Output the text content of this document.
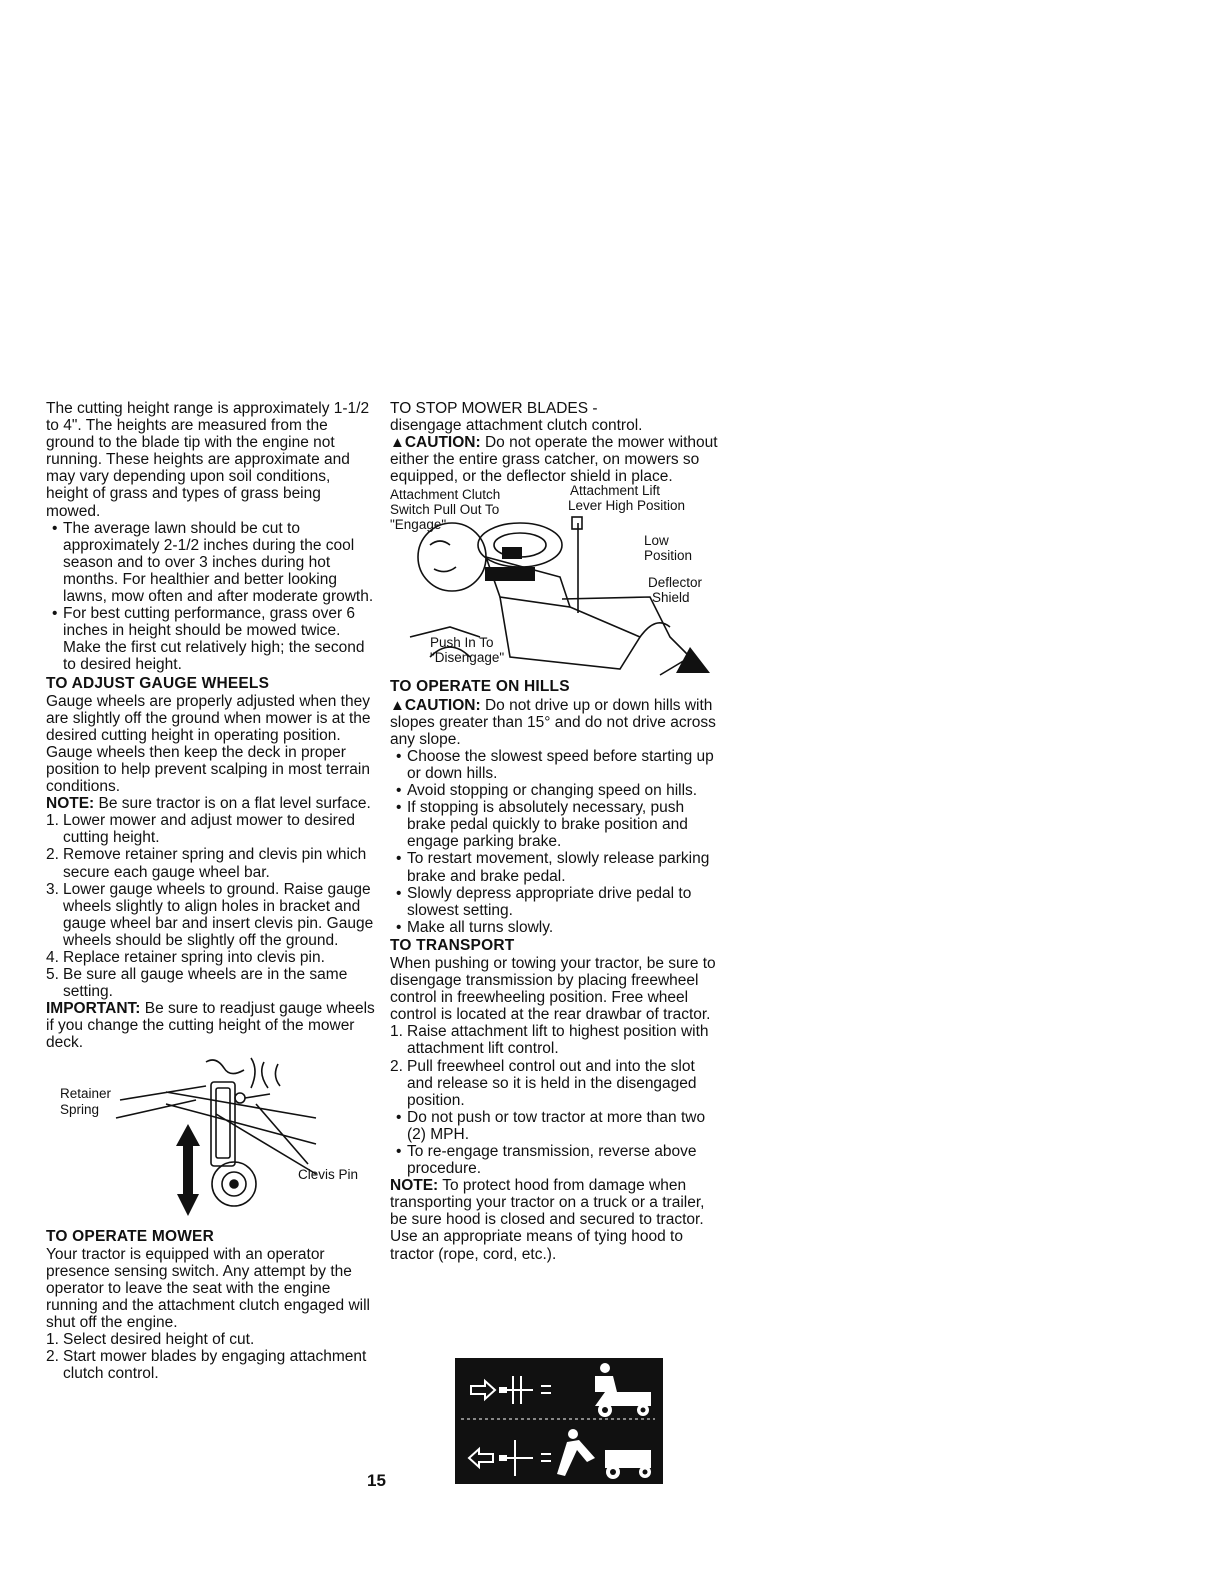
The cutting height range is approximately 1-1/2 to 4". The heights are measured from the ground to the blade tip with the engine not running. These heights are approximate and may vary depending upon soil conditions, height of grass and types of grass being mowed.

• The average lawn should be cut to approximately 2-1/2 inches during the cool season and to over 3 inches during hot months. For healthier and better looking lawns, mow often and after moderate growth.
• For best cutting performance, grass over 6 inches in height should be mowed twice. Make the first cut relatively high; the second to desired height.
TO ADJUST GAUGE WHEELS

Gauge wheels are properly adjusted when they are slightly off the ground when mower is at the desired cutting height in operating position. Gauge wheels then keep the deck in proper position to help prevent scalping in most terrain conditions.

NOTE: Be sure tractor is on a flat level surface.

1. Lower mower and adjust mower to desired cutting height.
2. Remove retainer spring and clevis pin which secure each gauge wheel bar.
3. Lower gauge wheels to ground. Raise gauge wheels slightly to align holes in bracket and gauge wheel bar and insert clevis pin. Gauge wheels should be slightly off the ground.
4. Replace retainer spring into clevis pin.
5. Be sure all gauge wheels are in the same setting.

IMPORTANT: Be sure to readjust gauge wheels if you change the cutting height of the mower deck.

Retainer
Spring
Clevis Pin
TO OPERATE MOWER

Your tractor is equipped with an operator presence sensing switch. Any attempt by the operator to leave the seat with the engine running and the attachment clutch engaged will shut off the engine.

1. Select desired height of cut.
2. Start mower blades by engaging attachment clutch control.

TO STOP MOWER BLADES -

disengage attachment clutch control.

▲CAUTION: Do not operate the mower without either the entire grass catcher, on mowers so equipped, or the deflector shield in place.

Attachment Clutch
Switch Pull Out To
"Engage"
Attachment Lift
Lever High Position
Low
Position
Deflector
Shield
Push In To
"Disengage"
TO OPERATE ON HILLS

▲CAUTION: Do not drive up or down hills with slopes greater than 15° and do not drive across any slope.

• Choose the slowest speed before starting up or down hills.
• Avoid stopping or changing speed on hills.
• If stopping is absolutely necessary, push brake pedal quickly to brake position and engage parking brake.
• To restart movement, slowly release parking brake and brake pedal.
• Slowly depress appropriate drive pedal to slowest setting.
• Make all turns slowly.
TO TRANSPORT

When pushing or towing your tractor, be sure to disengage transmission by placing freewheel control in freewheeling position. Free wheel control is located at the rear drawbar of tractor.

1. Raise attachment lift to highest position with attachment lift control.
2. Pull freewheel control out and into the slot and release so it is held in the disengaged position.
• Do not push or tow tractor at more than two (2) MPH.
• To re-engage transmission, reverse above procedure.

NOTE: To protect hood from damage when transporting your tractor on a truck or a trailer, be sure hood is closed and secured to tractor. Use an appropriate means of tying hood to tractor (rope, cord, etc.).

15
